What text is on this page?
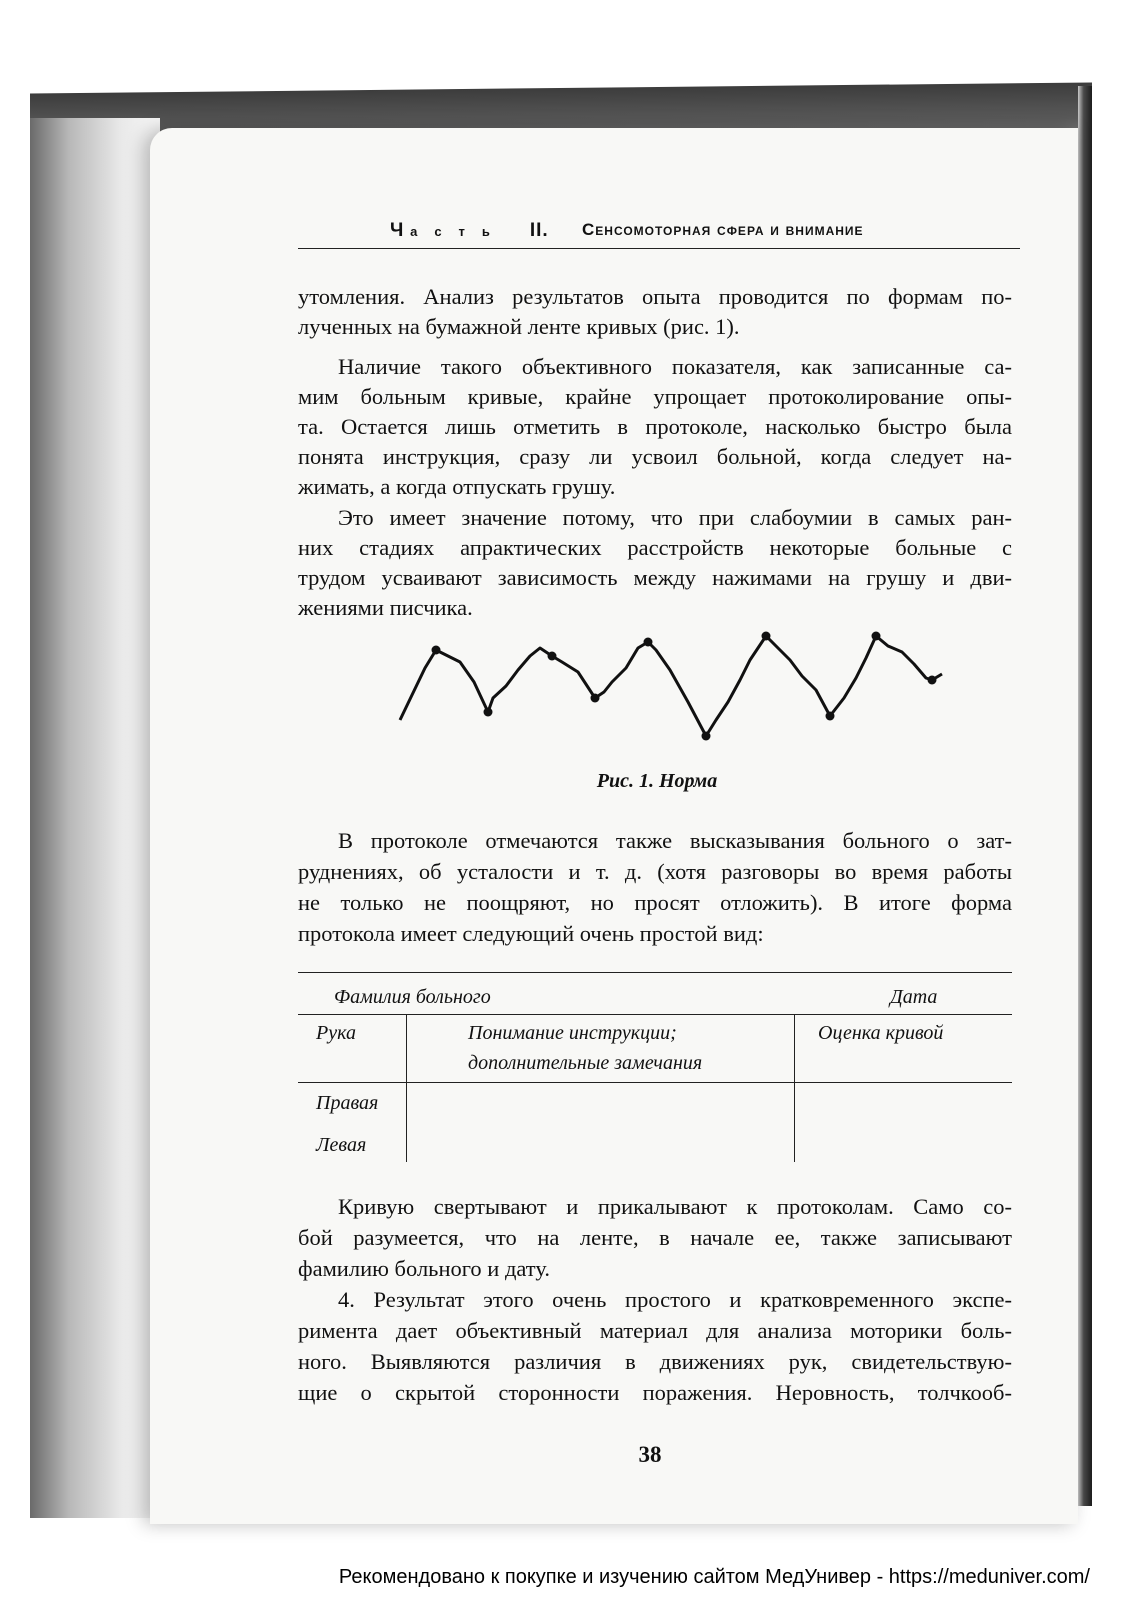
Ч асть II. Сенсомоторная сфера и внимание

утомления. Анализ результатов опыта проводится по формам по-

лученных на бумажной ленте кривых (рис. 1).

Наличие такого объективного показателя, как записанные са-

мим больным кривые, крайне упрощает протоколирование опы-

та. Остается лишь отметить в протоколе, насколько быстро была

понята инструкция, сразу ли усвоил больной, когда следует на-

жимать, а когда отпускать грушу.

Это имеет значение потому, что при слабоумии в самых ран-

них стадиях апрактических расстройств некоторые больные с

трудом усваивают зависимость между нажимами на грушу и дви-

жениями писчика.

Рис. 1. Норма

В протоколе отмечаются также высказывания больного о зат-

руднениях, об усталости и т. д. (хотя разговоры во время работы

не только не поощряют, но просят отложить). В итоге форма

протокола имеет следующий очень простой вид:

Фамилия больного	Дата
Рука	Понимание инструкции;
дополнительные замечания
Оценка кривой
Правая
Левая

Кривую свертывают и прикалывают к протоколам. Само со-

бой разумеется, что на ленте, в начале ее, также записывают

фамилию больного и дату.

4. Результат этого очень простого и кратковременного экспе-

римента дает объективный материал для анализа моторики боль-

ного. Выявляются различия в движениях рук, свидетельствую-

щие о скрытой сторонности поражения. Неровность, толчкооб-

38
Рекомендовано к покупке и изучению сайтом МедУнивер - https://meduniver.com/
